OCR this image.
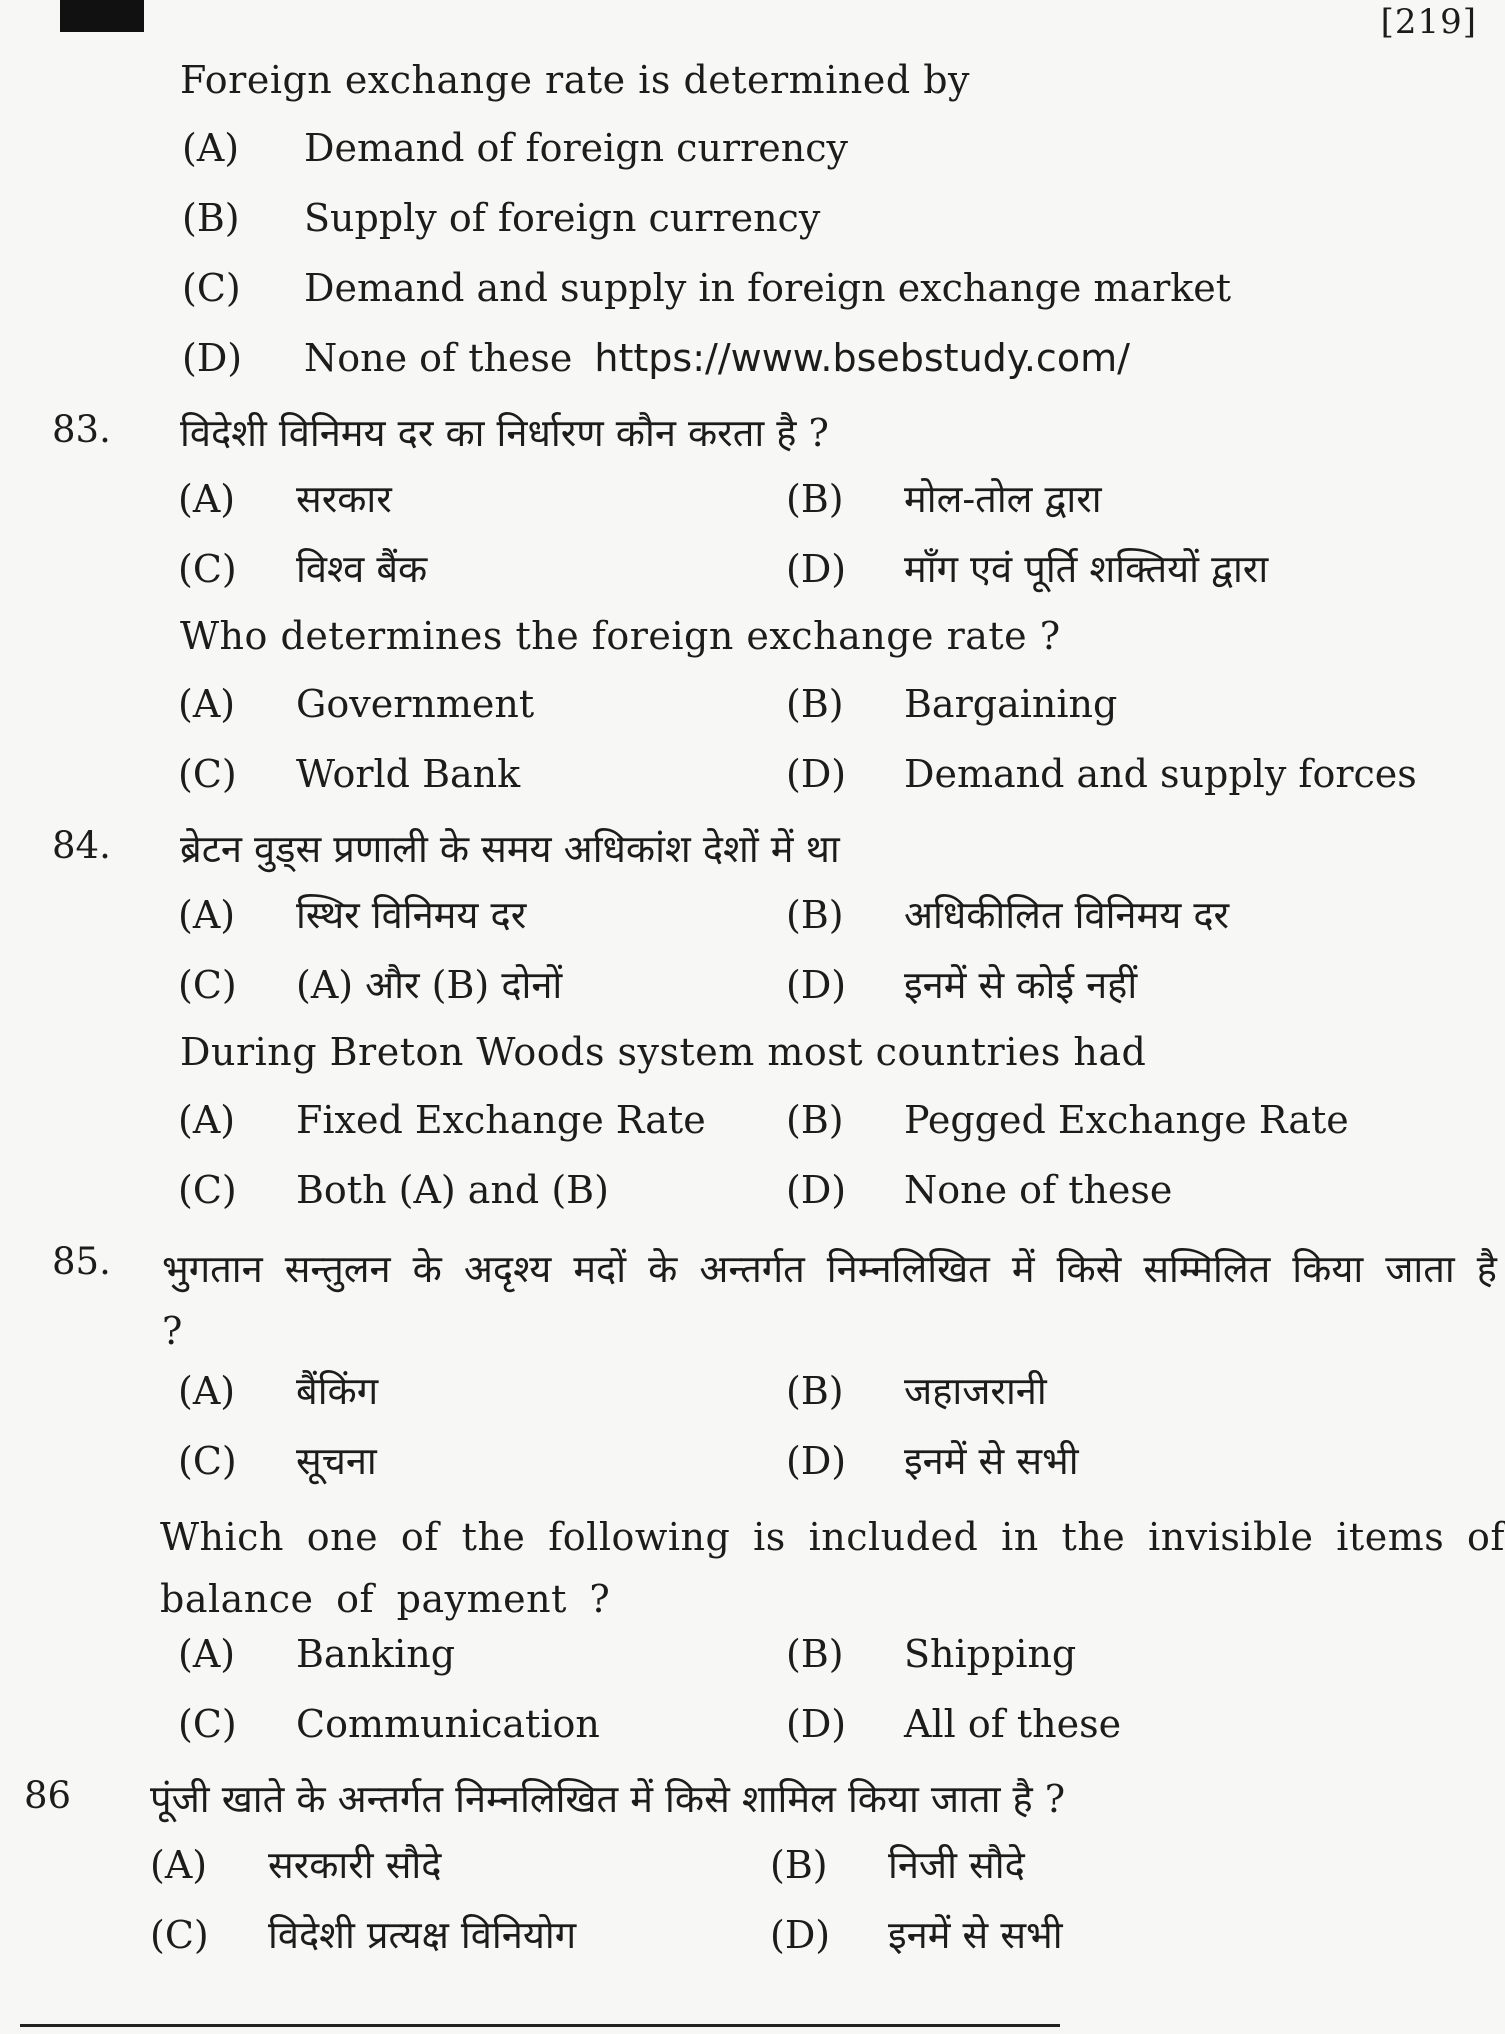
[219]
Foreign exchange rate is determined by
(A) Demand of foreign currency
(B) Supply of foreign currency
(C) Demand and supply in foreign exchange market
(D) None of these https://www.bsebstudy.com/
83. विदेशी विनिमय दर का निर्धारण कौन करता है ?
(A) सरकार	(B) मोल-तोल द्वारा
(C) विश्व बैंक	(D) माँग एवं पूर्ति शक्तियों द्वारा
Who determines the foreign exchange rate ?
(A) Government	(B) Bargaining
(C) World Bank	(D) Demand and supply forces
84. ब्रेटन वुड्स प्रणाली के समय अधिकांश देशों में था
(A) स्थिर विनिमय दर	(B) अधिकीलित विनिमय दर
(C) (A) और (B) दोनों	(D) इनमें से कोई नहीं
During Breton Woods system most countries had
(A) Fixed Exchange Rate (B) Pegged Exchange Rate
(C) Both (A) and (B)	(D) None of these
85. भुगतान सन्तुलन के अदृश्य मदों के अन्तर्गत निम्नलिखित में किसे सम्मिलित किया जाता है ?
(A) बैंकिंग	(B) जहाजरानी
(C) सूचना	(D) इनमें से सभी
Which one of the following is included in the invisible items of balance of payment ?
(A) Banking	(B) Shipping
(C) Communication	(D) All of these
86 पूंजी खाते के अन्तर्गत निम्नलिखित में किसे शामिल किया जाता है ?
(A) सरकारी सौदे	(B) निजी सौदे
(C) विदेशी प्रत्यक्ष विनियोग	(D) इनमें से सभी
